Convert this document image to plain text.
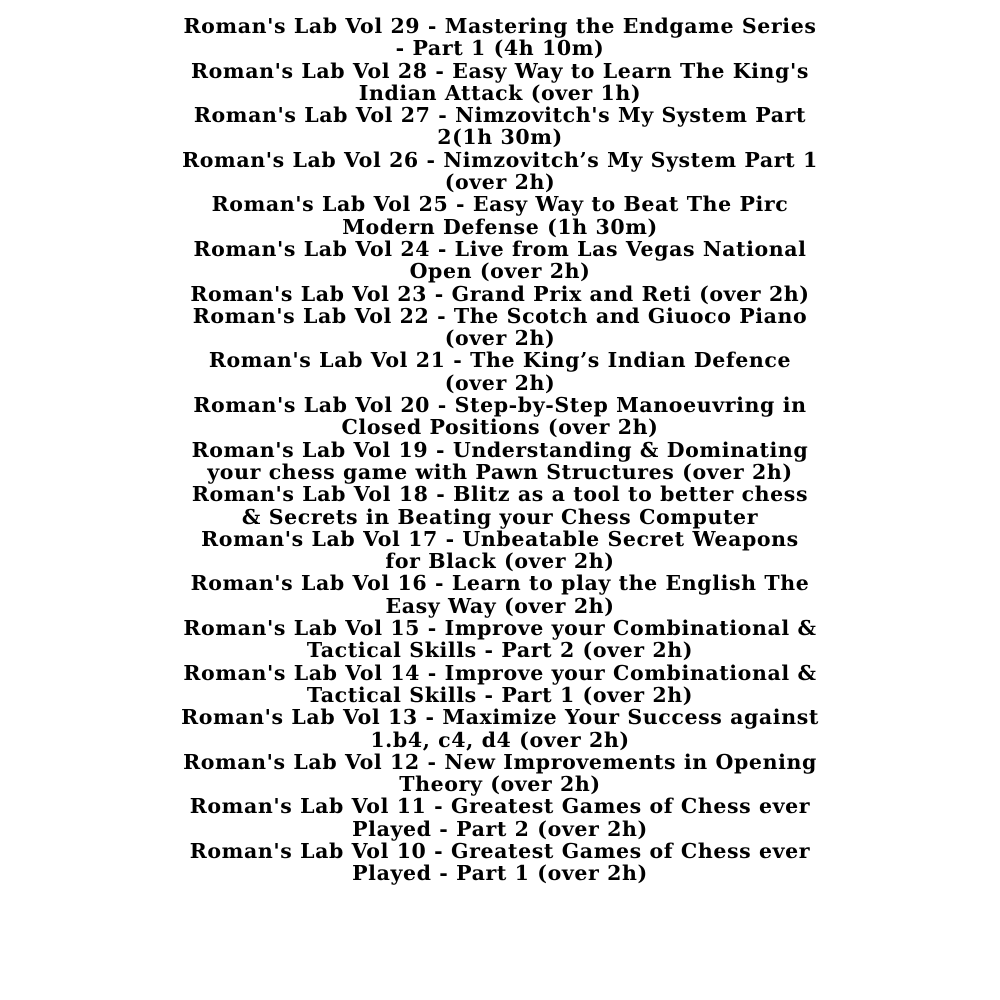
Roman's Lab Vol 29 - Mastering the Endgame Series - Part 1 (4h 10m)
Roman's Lab Vol 28 - Easy Way to Learn The King's Indian Attack (over 1h)
Roman's Lab Vol 27 - Nimzovitch's My System Part 2(1h 30m)
Roman's Lab Vol 26 - Nimzovitch’s My System Part 1 (over 2h)
Roman's Lab Vol 25 - Easy Way to Beat The Pirc Modern Defense (1h 30m)
Roman's Lab Vol 24 - Live from Las Vegas National Open (over 2h)
Roman's Lab Vol 23 - Grand Prix and Reti (over 2h)
Roman's Lab Vol 22 - The Scotch and Giuoco Piano (over 2h)
Roman's Lab Vol 21 - The King’s Indian Defence (over 2h)
Roman's Lab Vol 20 - Step-by-Step Manoeuvring in Closed Positions (over 2h)
Roman's Lab Vol 19 - Understanding & Dominating your chess game with Pawn Structures (over 2h)
Roman's Lab Vol 18 - Blitz as a tool to better chess & Secrets in Beating your Chess Computer
Roman's Lab Vol 17 - Unbeatable Secret Weapons for Black (over 2h)
Roman's Lab Vol 16 - Learn to play the English The Easy Way (over 2h)
Roman's Lab Vol 15 - Improve your Combinational & Tactical Skills - Part 2 (over 2h)
Roman's Lab Vol 14 - Improve your Combinational & Tactical Skills - Part 1 (over 2h)
Roman's Lab Vol 13 - Maximize Your Success against 1.b4, c4, d4 (over 2h)
Roman's Lab Vol 12 - New Improvements in Opening Theory (over 2h)
Roman's Lab Vol 11 - Greatest Games of Chess ever Played - Part 2 (over 2h)
Roman's Lab Vol 10 - Greatest Games of Chess ever Played - Part 1 (over 2h)
